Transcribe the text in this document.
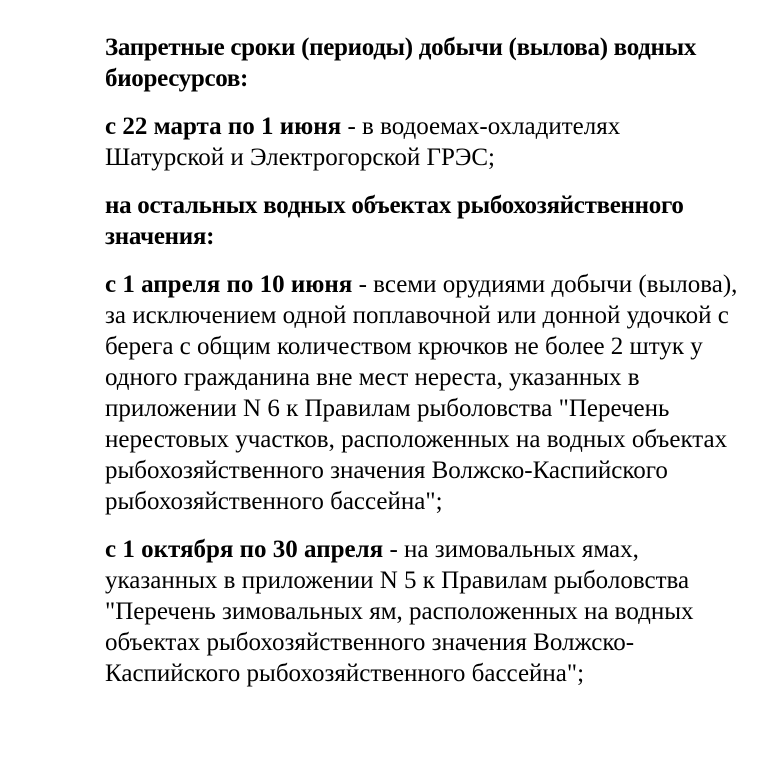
Запретные сроки (периоды) добычи (вылова) водных биоресурсов:

с 22 марта по 1 июня - в водоемах-охладителях Шатурской и Электрогорской ГРЭС;

на остальных водных объектах рыбохозяйственного значения:

с 1 апреля по 10 июня - всеми орудиями добычи (вылова), за исключением одной поплавочной или донной удочкой с берега с общим количеством крючков не более 2 штук у одного гражданина вне мест нереста, указанных в приложении N 6 к Правилам рыболовства "Перечень нерестовых участков, расположенных на водных объектах рыбохозяйственного значения Волжско-Каспийского рыбохозяйственного бассейна";

с 1 октября по 30 апреля - на зимовальных ямах, указанных в приложении N 5 к Правилам рыболовства "Перечень зимовальных ям, расположенных на водных объектах рыбохозяйственного значения Волжско-Каспийского рыбохозяйственного бассейна";
